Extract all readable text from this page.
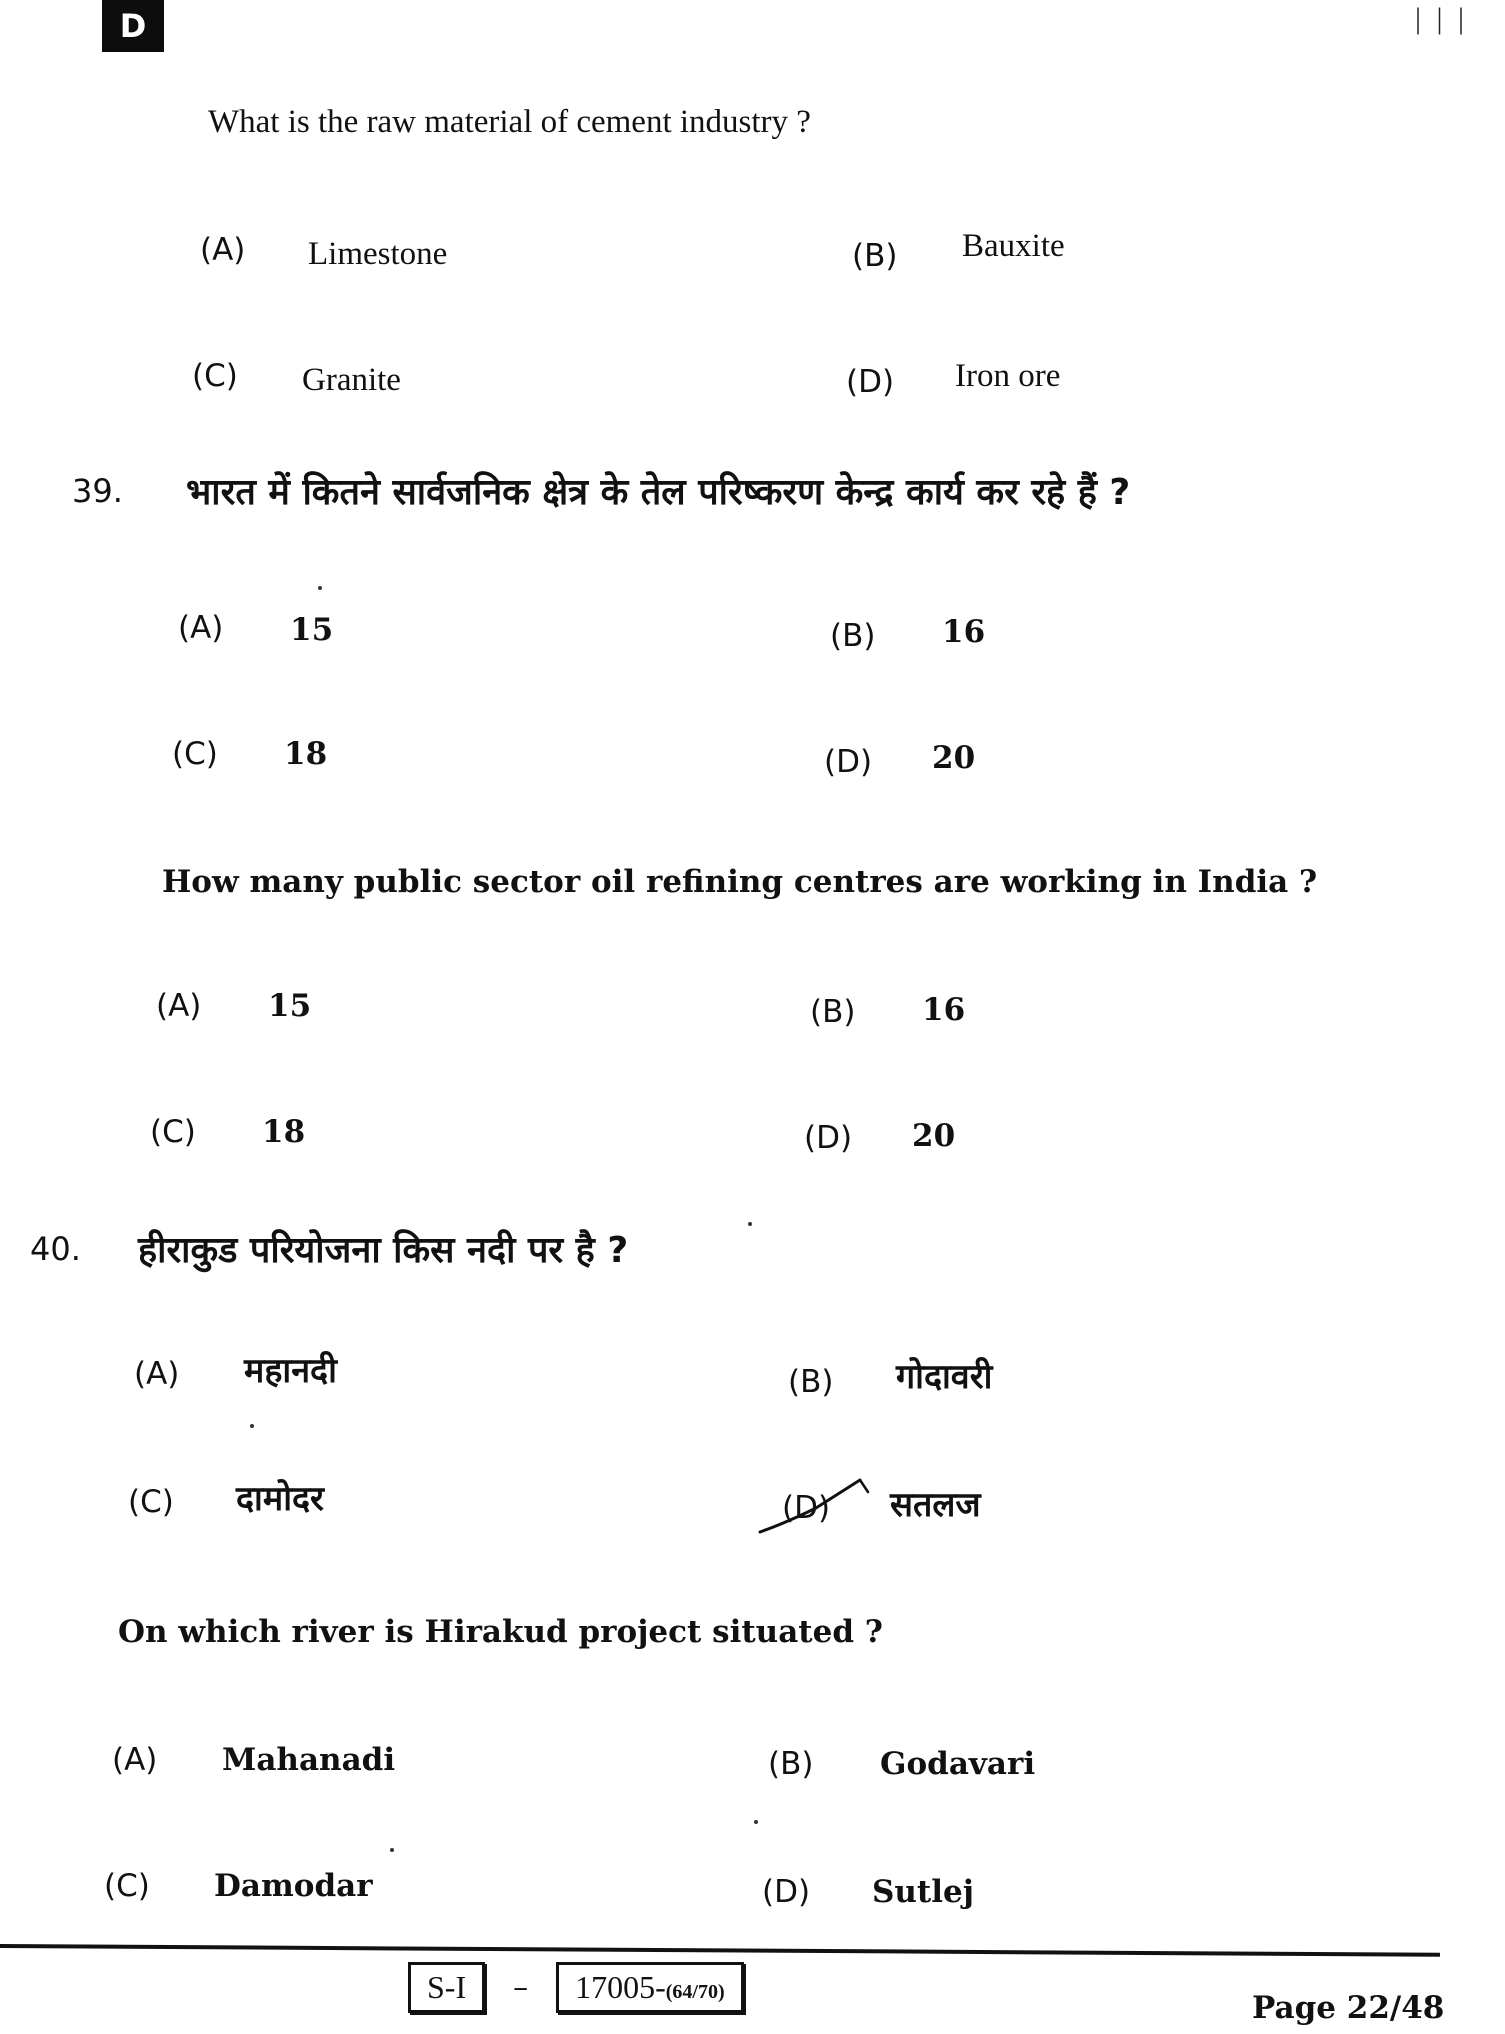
D	| | |
What is the raw material of cement industry ?
(A) Limestone	(B) Bauxite
(C) Granite	(D) Iron ore
39. भारत में कितने सार्वजनिक क्षेत्र के तेल परिष्करण केन्द्र कार्य कर रहे हैं ?
(A) 15	(B) 16
(C) 18	(D) 20
How many public sector oil refining centres are working in India ?
(A) 15	(B) 16
(C) 18	(D) 20
40. हीराकुड परियोजना किस नदी पर है ?
(A) महानदी	(B) गोदावरी
(C) दामोदर	(D) सतलज
On which river is Hirakud project situated ?
(A) Mahanadi	(B) Godavari
(C) Damodar	(D) Sutlej
S-I	–	17005-(64/70)	Page 22/48
